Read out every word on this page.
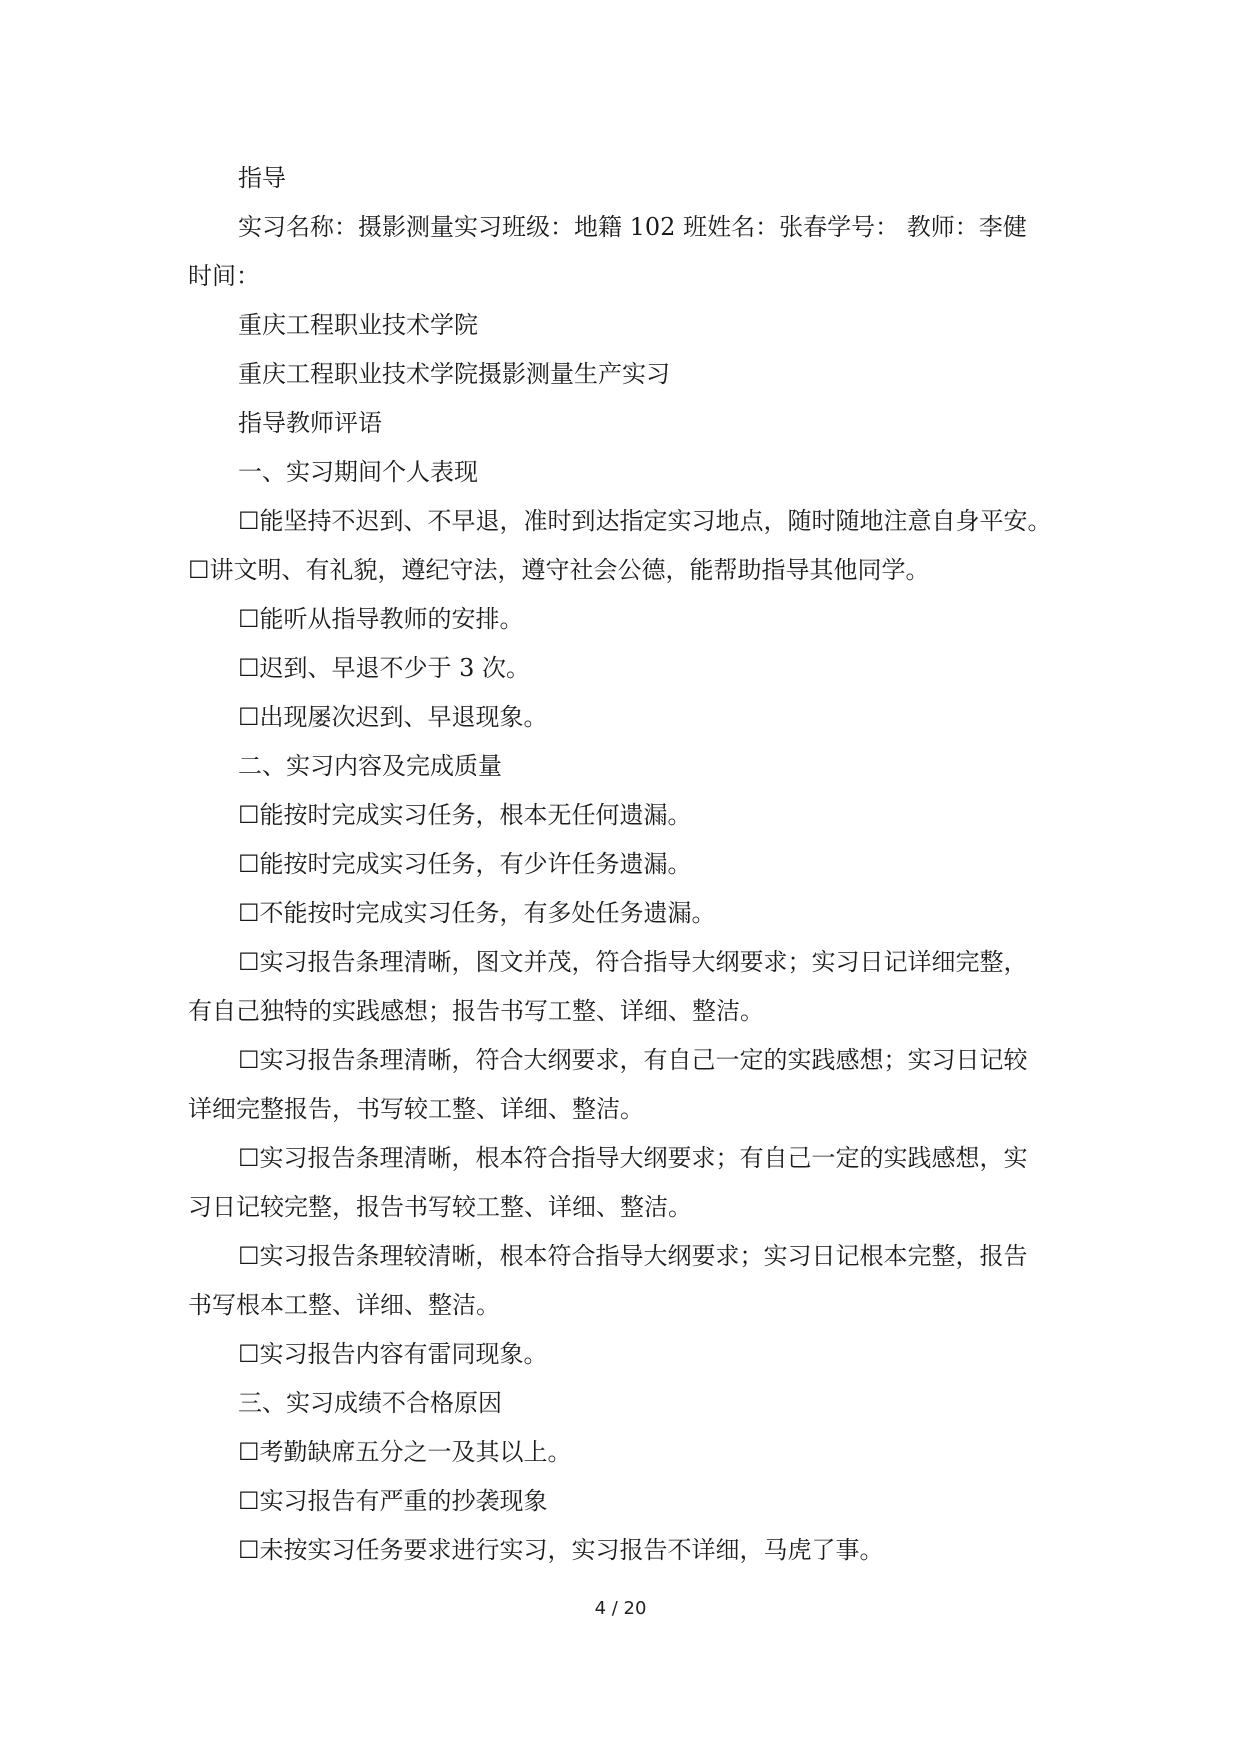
指导

实习名称：摄影测量实习班级：地籍 102 班姓名：张春学号： 教师：李健

时间：

重庆工程职业技术学院

重庆工程职业技术学院摄影测量生产实习

指导教师评语

一、实习期间个人表现

☐能坚持不迟到、不早退，准时到达指定实习地点，随时随地注意自身平安。

☐讲文明、有礼貌，遵纪守法，遵守社会公德，能帮助指导其他同学。

☐能听从指导教师的安排。

☐迟到、早退不少于 3 次。

☐出现屡次迟到、早退现象。

二、实习内容及完成质量

☐能按时完成实习任务，根本无任何遗漏。

☐能按时完成实习任务，有少许任务遗漏。

☐不能按时完成实习任务，有多处任务遗漏。

☐实习报告条理清晰，图文并茂，符合指导大纲要求；实习日记详细完整，

有自己独特的实践感想；报告书写工整、详细、整洁。

☐实习报告条理清晰，符合大纲要求，有自己一定的实践感想；实习日记较

详细完整报告，书写较工整、详细、整洁。

☐实习报告条理清晰，根本符合指导大纲要求；有自己一定的实践感想，实

习日记较完整，报告书写较工整、详细、整洁。

☐实习报告条理较清晰，根本符合指导大纲要求；实习日记根本完整，报告

书写根本工整、详细、整洁。

☐实习报告内容有雷同现象。

三、实习成绩不合格原因

☐考勤缺席五分之一及其以上。

☐实习报告有严重的抄袭现象

☐未按实习任务要求进行实习，实习报告不详细，马虎了事。

4 / 20
